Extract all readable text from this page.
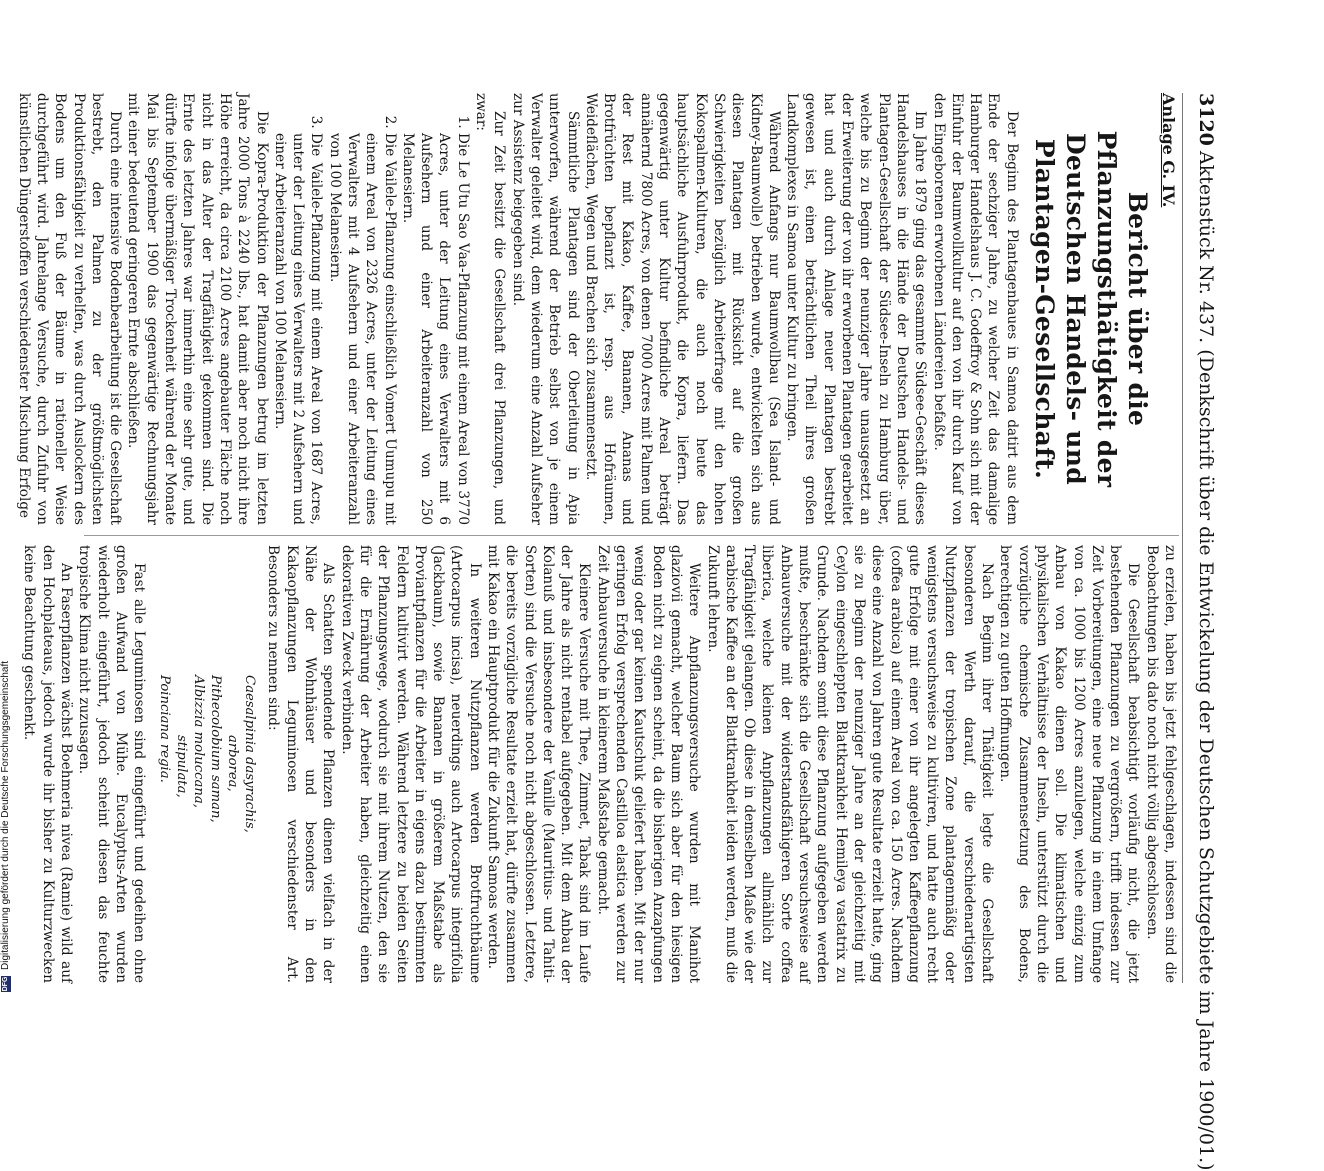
3120
Aktenstück Nr. 437. (Denkschrift über die Entwickelung der Deutschen Schutzgebiete im Jahre 1900/01.)
Anlage G. IV.
Bericht über die Pflanzungsthätigkeit der Deutschen Handels- und Plantagen-Gesellschaft.

Der Beginn des Plantagenbaues in Samoa datirt aus dem Ende der sechziger Jahre, zu welcher Zeit das damalige Hamburger Handelshaus J. C. Godeffroy & Sohn sich mit der Einfuhr der Baumwollkultur auf den von ihr durch Kauf von den Eingeborenen erworbenen Ländereien befaßte.

Im Jahre 1879 ging das gesammte Südsee-Geschäft dieses Handelshauses in die Hände der Deutschen Handels- und Plantagen-Gesellschaft der Südsee-Inseln zu Hamburg über, welche bis zu Beginn der neunziger Jahre unausgesetzt an der Erweiterung der von ihr erworbenen Plantagen gearbeitet hat und auch durch Anlage neuer Plantagen bestrebt gewesen ist, einen beträchtlichen Theil ihres großen Landkomplexes in Samoa unter Kultur zu bringen.

Während Anfangs nur Baumwollbau (Sea Island- und Kidney-Baumwolle) betrieben wurde, entwickelten sich aus diesen Plantagen mit Rücksicht auf die großen Schwierigkeiten bezüglich Arbeiterfrage mit den hohen Kokospalmen-Kulturen, die auch noch heute das hauptsächliche Ausfuhrprodukt, die Kopra, liefern. Das gegenwärtig unter Kultur befindliche Areal beträgt annähernd 7800 Acres, von denen 7000 Acres mit Palmen und der Rest mit Kakao, Kaffee, Bananen, Ananas und Brotfrüchten bepflanzt ist, resp. aus Hofräumen, Weideflächen, Wegen und Brachen sich zusammensetzt.

Sämmtliche Plantagen sind der Oberleitung in Apia unterworfen, während der Betrieb selbst von je einem Verwalter geleitet wird, dem wiederum eine Anzahl Aufseher zur Assistenz beigegeben sind.

Zur Zeit besitzt die Gesellschaft drei Pflanzungen, und zwar:

1. Die Le Utu Sao Vaa-Pflanzung mit einem Areal von 3770 Acres, unter der Leitung eines Verwalters mit 6 Aufsehern und einer Arbeiteranzahl von 250 Melanesiern.
2. Die Vailele-Pflanzung einschließlich Vomert Uumupu mit einem Areal von 2326 Acres, unter der Leitung eines Verwalters mit 4 Aufsehern und einer Arbeiteranzahl von 100 Melanesiern.
3. Die Vailele-Pflanzung mit einem Areal von 1687 Acres, unter der Leitung eines Verwalters mit 2 Aufsehern und einer Arbeiteranzahl von 100 Melanesiern.

Die Kopra-Produktion der Pflanzungen betrug im letzten Jahre 2000 Tons à 2240 lbs., hat damit aber noch nicht ihre Höhe erreicht, da circa 2100 Acres angebauter Fläche noch nicht in das Alter der Tragfähigkeit gekommen sind. Die Ernte des letzten Jahres war immerhin eine sehr gute, und dürfte infolge übermäßiger Trockenheit während der Monate Mai bis September 1900 das gegenwärtige Rechnungsjahr mit einer bedeutend geringeren Ernte abschließen.

Durch eine intensive Bodenbearbeitung ist die Gesellschaft bestrebt, den Palmen zu der größtmöglichsten Produktionsfähigkeit zu verhelfen, was durch Auslockern des Bodens um den Fuß der Bäume in rationeller Weise durchgeführt wird. Jahrelange Versuche, durch Zufuhr von künstlichen Düngerstoffen verschiedenster Mischung Erfolge

zu erzielen, haben bis jetzt fehlgeschlagen, indessen sind die Beobachtungen bis dato noch nicht völlig abgeschlossen.

Die Gesellschaft beabsichtigt vorläufig nicht, die jetzt bestehenden Pflanzungen zu vergrößern, trifft indessen zur Zeit Vorbereitungen, eine neue Pflanzung in einem Umfange von ca. 1000 bis 1200 Acres anzulegen, welche einzig zum Anbau von Kakao dienen soll. Die klimatischen und physikalischen Verhältnisse der Inseln, unterstützt durch die vorzügliche chemische Zusammensetzung des Bodens, berechtigen zu guten Hoffnungen.

Nach Beginn ihrer Thätigkeit legte die Gesellschaft besonderen Werth darauf, die verschiedenartigsten Nutzpflanzen der tropischen Zone plantagenmäßig oder wenigstens versuchsweise zu kultiviren, und hatte auch recht gute Erfolge mit einer von ihr angelegten Kaffeepflanzung (coffea arabica) auf einem Areal von ca. 150 Acres. Nachdem diese eine Anzahl von Jahren gute Resultate erzielt hatte, ging sie zu Beginn der neunziger Jahre an der gleichzeitig mit Ceylon eingeschleppten Blattkrankheit Hemileya vastatrix zu Grunde. Nachdem somit diese Pflanzung aufgegeben werden mußte, beschränkte sich die Gesellschaft versuchsweise auf Anbauversuche mit der widerstandsfähigeren Sorte coffea liberica, welche kleinen Anpflanzungen allmählich zur Tragfähigkeit gelangen. Ob diese in demselben Maße wie der arabische Kaffee an der Blattkrankheit leiden werden, muß die Zukunft lehren.

Weitere Anpflanzungsversuche wurden mit Manihot glaziovii gemacht, welcher Baum sich aber für den hiesigen Boden nicht zu eignen scheint, da die bisherigen Anzapfungen wenig oder gar keinen Kautschuk geliefert haben. Mit der nur geringen Erfolg versprechenden Castilloa elastica werden zur Zeit Anbauversuche in kleinerem Maßstabe gemacht.

Kleinere Versuche mit Thee, Zimmet, Tabak sind im Laufe der Jahre als nicht rentabel aufgegeben. Mit dem Anbau der Kolanuß und insbesondere der Vanille (Mauritius- und Tahiti-Sorten) sind die Versuche noch nicht abgeschlossen. Letztere, die bereits vorzügliche Resultate erzielt hat, dürfte zusammen mit Kakao ein Hauptprodukt für die Zukunft Samoas werden.

In weiteren Nutzpflanzen werden Brotfruchtbäume (Artocarpus incisa), neuerdings auch Artocarpus integrifolia (Jackbaum), sowie Bananen in größerem Maßstabe als Proviantpflanzen für die Arbeiter in eigens dazu bestimmten Feldern kultivirt werden. Während letztere zu beiden Seiten der Pflanzungswege, wodurch sie mit ihrem Nutzen, den sie für die Ernährung der Arbeiter haben, gleichzeitig einen dekorativen Zweck verbinden.

Als Schatten spendende Pflanzen dienen vielfach in der Nähe der Wohnhäuser und besonders in den Kakaopflanzungen Leguminosen verschiedenster Art. Besonders zu nennen sind:

Caesalpinia dasyrachis,
arborea,
Pithecolobium saman,
Albizzia moluccana,
stipulata,
Poinciana regia.

Fast alle Leguminosen sind eingeführt und gedeihen ohne großen Aufwand von Mühe. Eucalyptus-Arten wurden wiederholt eingeführt, jedoch scheint diesen das feuchte tropische Klima nicht zuzusagen.

An Faserpflanzen wächst Boehmeria nivea (Ramie) wild auf den Hochplateaus, jedoch wurde ihr bisher zu Kulturzwecken keine Beachtung geschenkt.

DFG
Digitalisierung gefördert durch die Deutsche Forschungsgemeinschaft
